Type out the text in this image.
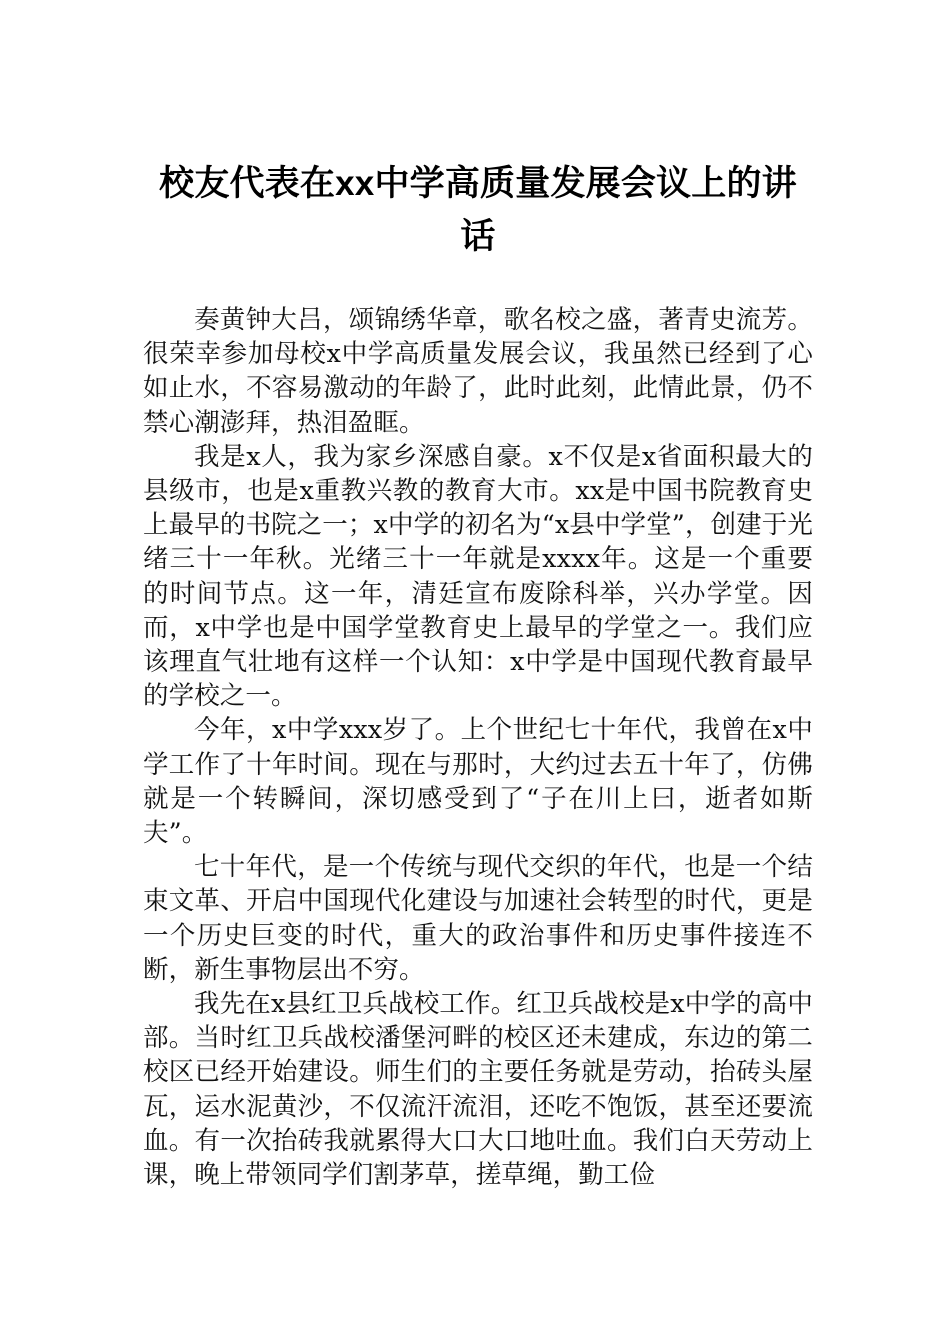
校友代表在xx中学高质量发展会议上的讲话

奏黄钟大吕，颂锦绣华章，歌名校之盛，著青史流芳。很荣幸参加母校x中学高质量发展会议，我虽然已经到了心如止水，不容易激动的年龄了，此时此刻，此情此景，仍不禁心潮澎拜，热泪盈眶。

我是x人，我为家乡深感自豪。x不仅是x省面积最大的县级市，也是x重教兴教的教育大市。xx是中国书院教育史上最早的书院之一；x中学的初名为“x县中学堂”，创建于光绪三十一年秋。光绪三十一年就是xxxx年。这是一个重要的时间节点。这一年，清廷宣布废除科举，兴办学堂。因而，x中学也是中国学堂教育史上最早的学堂之一。我们应该理直气壮地有这样一个认知：x中学是中国现代教育最早的学校之一。

今年，x中学xxx岁了。上个世纪七十年代，我曾在x中学工作了十年时间。现在与那时，大约过去五十年了，仿佛就是一个转瞬间，深切感受到了“子在川上曰，逝者如斯夫”。

七十年代，是一个传统与现代交织的年代，也是一个结束文革、开启中国现代化建设与加速社会转型的时代，更是一个历史巨变的时代，重大的政治事件和历史事件接连不断，新生事物层出不穷。

我先在x县红卫兵战校工作。红卫兵战校是x中学的高中部。当时红卫兵战校潘堡河畔的校区还未建成，东边的第二校区已经开始建设。师生们的主要任务就是劳动，抬砖头屋瓦，运水泥黄沙，不仅流汗流泪，还吃不饱饭，甚至还要流血。有一次抬砖我就累得大口大口地吐血。我们白天劳动上课，晚上带领同学们割茅草，搓草绳，勤工俭
